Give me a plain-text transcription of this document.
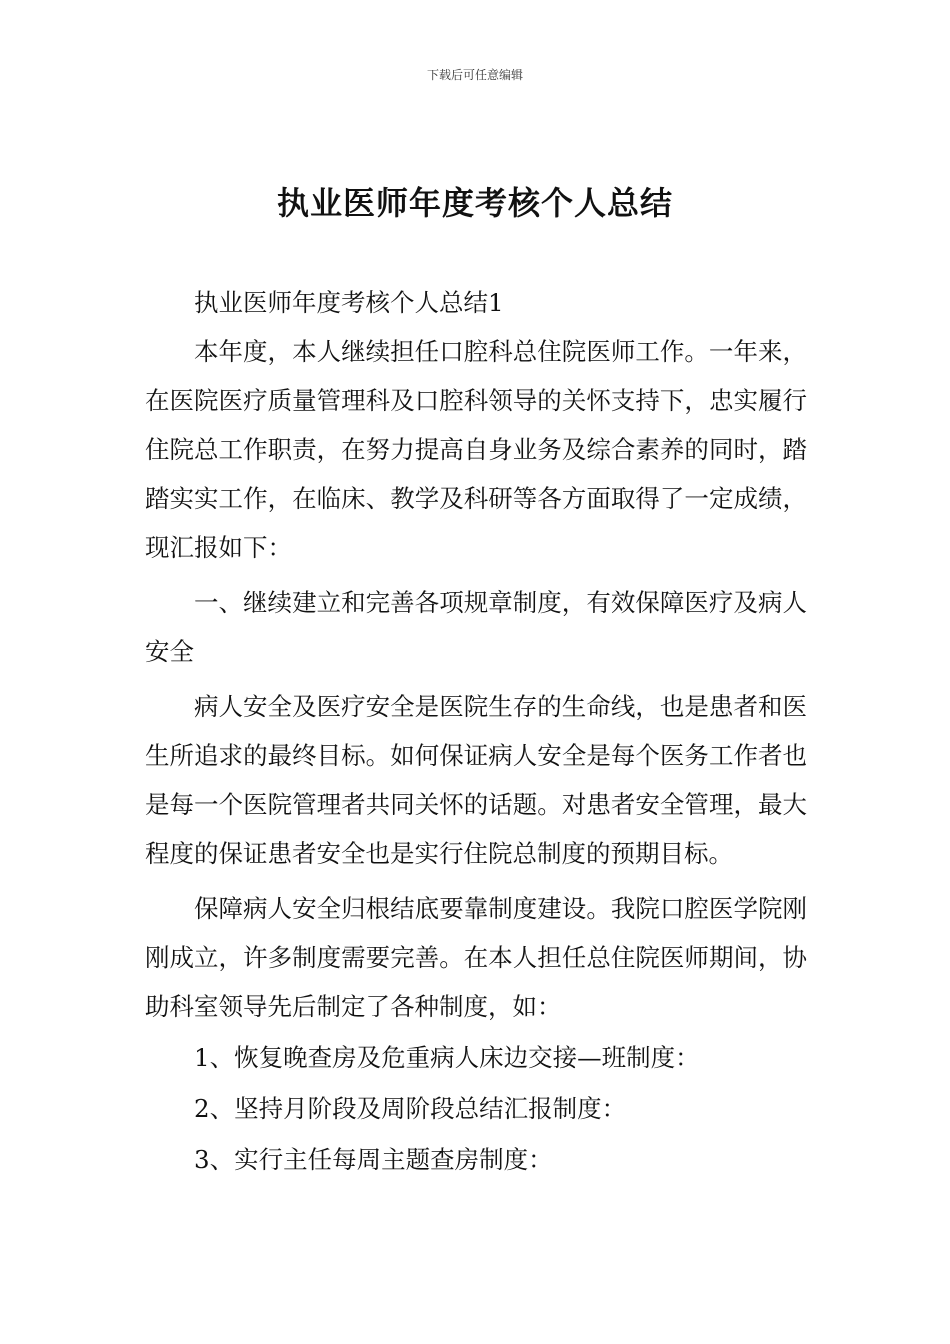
下载后可任意编辑
执业医师年度考核个人总结

执业医师年度考核个人总结1

本年度，本人继续担任口腔科总住院医师工作。一年来，在医院医疗质量管理科及口腔科领导的关怀支持下，忠实履行住院总工作职责，在努力提高自身业务及综合素养的同时，踏踏实实工作，在临床、教学及科研等各方面取得了一定成绩，现汇报如下：

一、继续建立和完善各项规章制度，有效保障医疗及病人安全

病人安全及医疗安全是医院生存的生命线，也是患者和医生所追求的最终目标。如何保证病人安全是每个医务工作者也是每一个医院管理者共同关怀的话题。对患者安全管理，最大程度的保证患者安全也是实行住院总制度的预期目标。

保障病人安全归根结底要靠制度建设。我院口腔医学院刚刚成立，许多制度需要完善。在本人担任总住院医师期间，协助科室领导先后制定了各种制度，如：

1、恢复晚查房及危重病人床边交接—班制度：

2、坚持月阶段及周阶段总结汇报制度：

3、实行主任每周主题查房制度：
